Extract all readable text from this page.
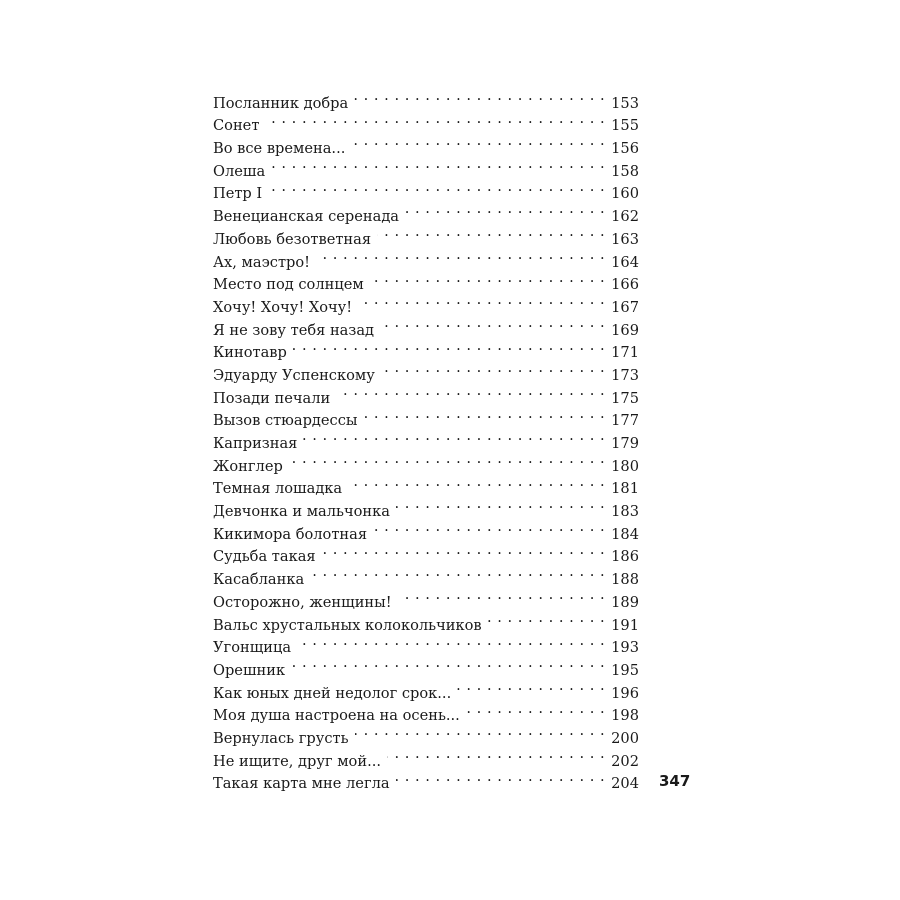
Посланник добра . . .	153
Сонет . . .	155
Во все времена... . . .	156
Олеша . . .	158
Петр I . . .	160
Венецианская серенада . . .	162
Любовь безответная . . .	163
Ах, маэстро! . . .	164
Место под солнцем . . .	166
Хочу! Хочу! Хочу! . . .	167
Я не зову тебя назад . . .	169
Кинотавр . . .	171
Эдуарду Успенскому . . .	173
Позади печали . . .	175
Вызов стюардессы . . .	177
Капризная . . .	179
Жонглер . . .	180
Темная лошадка . . .	181
Девчонка и мальчонка . . .	183
Кикимора болотная . . .	184
Судьба такая . . .	186
Касабланка . . .	188
Осторожно, женщины! . . .	189
Вальс хрустальных колокольчиков . . .	191
Угонщица . . .	193
Орешник . . .	195
Как юных дней недолог срок... . . .	196
Моя душа настроена на осень... . . .	198
Вернулась грусть . . .	200
Не ищите, друг мой... . . .	202
Такая карта мне легла . . .	204 347
